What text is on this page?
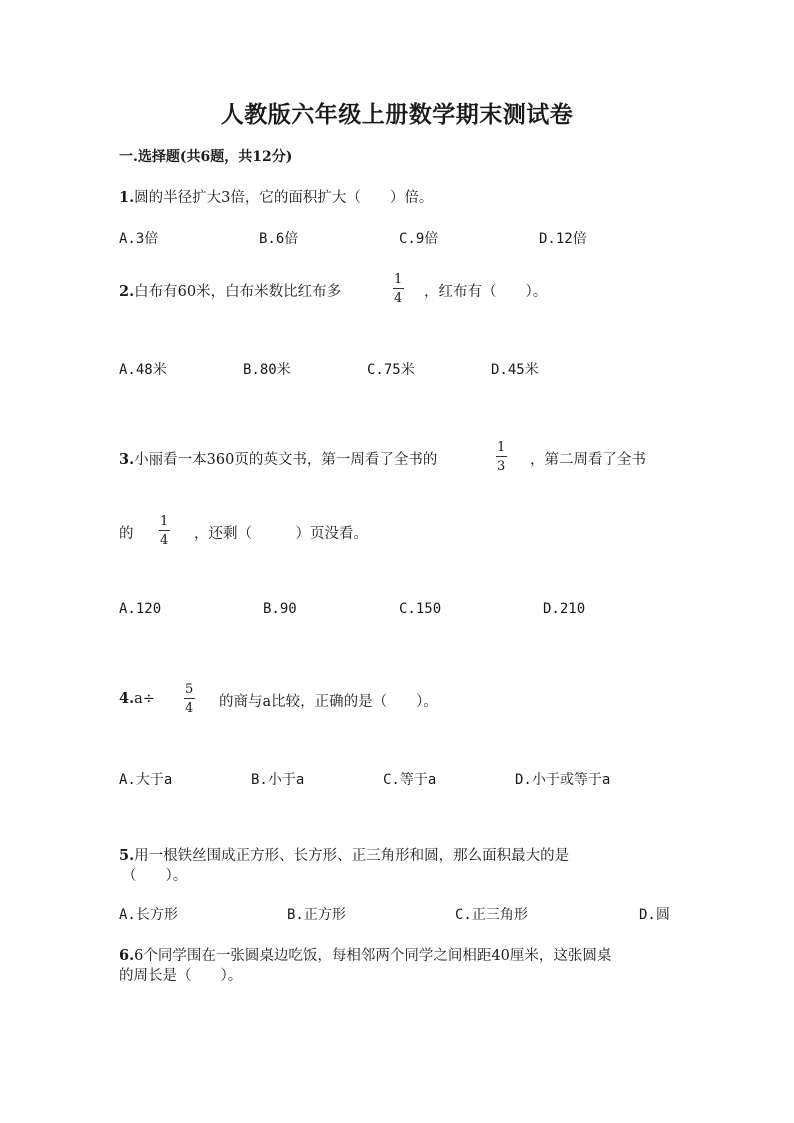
人教版六年级上册数学期末测试卷
一.选择题(共6题，共12分)
1.圆的半径扩大3倍，它的面积扩大（　　）倍。
A.3倍	B.6倍	C.9倍	D.12倍
2.白布有60米，白布米数比红布多
1
4 ，红布有（　　）。
A.48米	B.80米	C.75米	D.45米
3.小丽看一本360页的英文书，第一周看了全书的
1
3 ，第二周看了全书
的
1
4 ，还剩（　　　）页没看。
A.120	B.90	C.150	D.210
4.a÷
5
4 的商与a比较，正确的是（　　）。
A.大于a	B.小于a	C.等于a	D.小于或等于a
5.用一根铁丝围成正方形、长方形、正三角形和圆，那么面积最大的是
（　　）。
A.长方形	B.正方形	C.正三角形	D.圆
6.6个同学围在一张圆桌边吃饭，每相邻两个同学之间相距40厘米，这张圆桌
的周长是（　　）。
